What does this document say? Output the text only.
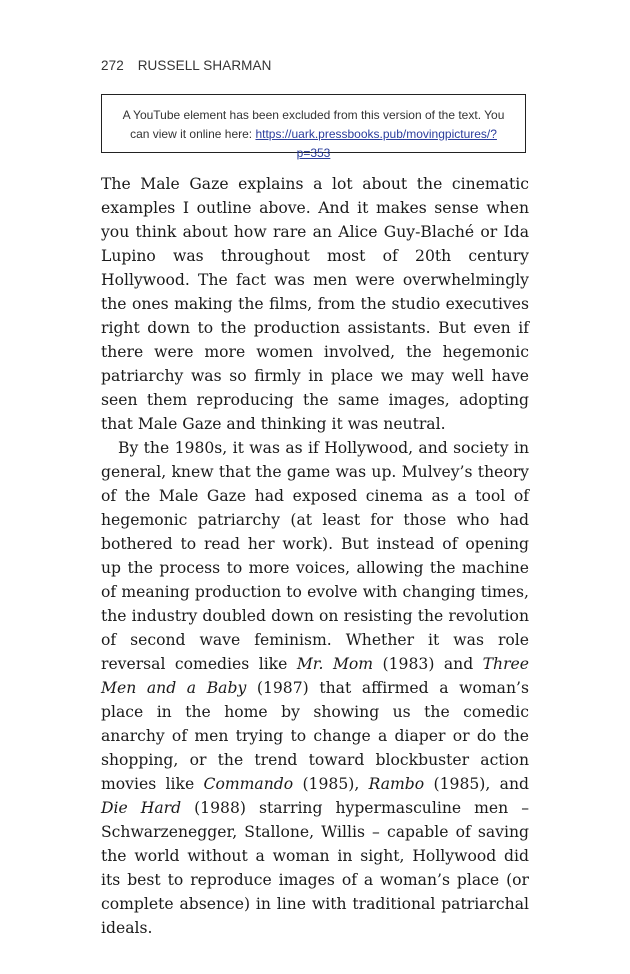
272 RUSSELL SHARMAN
A YouTube element has been excluded from this version of the text. You can view it online here: https://uark.pressbooks.pub/movingpictures/?p=353

The Male Gaze explains a lot about the cinematic examples I outline above. And it makes sense when you think about how rare an Alice Guy-Blaché or Ida Lupino was throughout most of 20th century Hollywood. The fact was men were overwhelmingly the ones making the films, from the studio executives right down to the production assistants. But even if there were more women involved, the hegemonic patriarchy was so firmly in place we may well have seen them reproducing the same images, adopting that Male Gaze and thinking it was neutral.

By the 1980s, it was as if Hollywood, and society in general, knew that the game was up. Mulvey’s theory of the Male Gaze had exposed cinema as a tool of hegemonic patriarchy (at least for those who had bothered to read her work). But instead of opening up the process to more voices, allowing the machine of meaning production to evolve with changing times, the industry doubled down on resisting the revolution of second wave feminism. Whether it was role reversal comedies like Mr. Mom (1983) and Three Men and a Baby (1987) that affirmed a woman’s place in the home by showing us the comedic anarchy of men trying to change a diaper or do the shopping, or the trend toward blockbuster action movies like Commando (1985), Rambo (1985), and Die Hard (1988) starring hypermasculine men – Schwarzenegger, Stallone, Willis – capable of saving the world without a woman in sight, Hollywood did its best to reproduce images of a woman’s place (or complete absence) in line with traditional patriarchal ideals.
